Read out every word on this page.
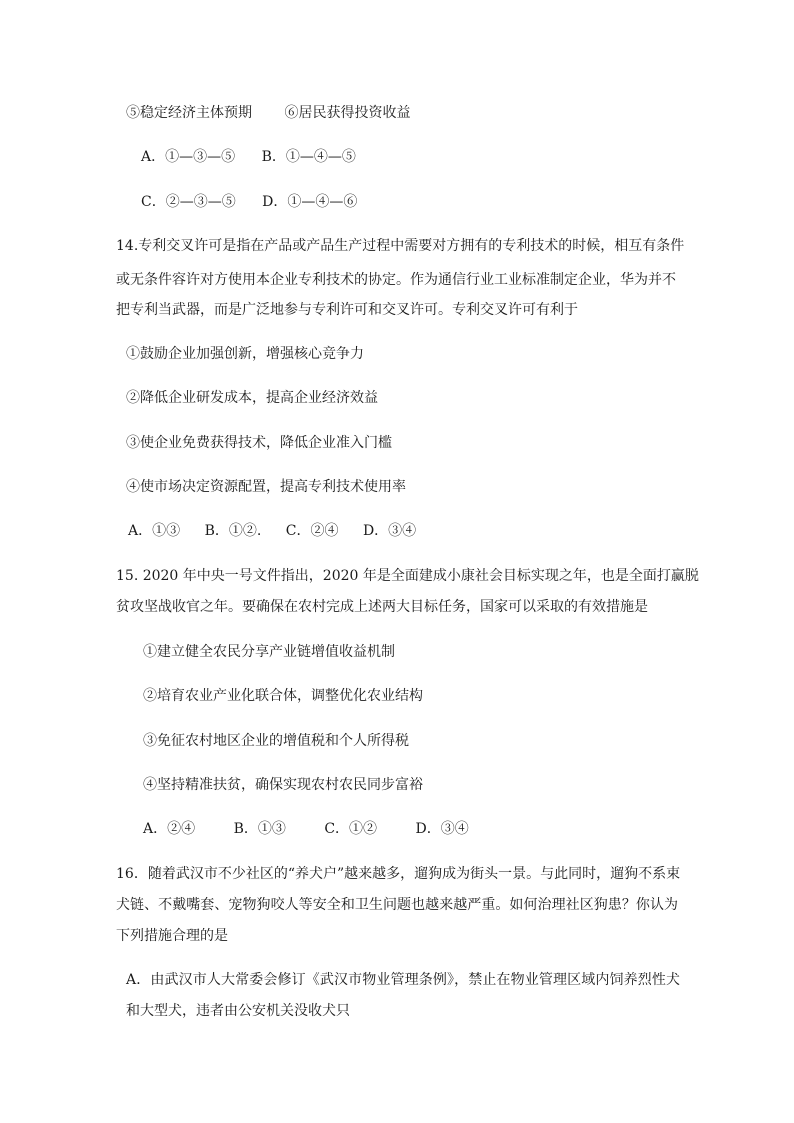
⑤稳定经济主体预期 ⑥居民获得投资收益
A．①—③—⑤ B．①—④—⑤
C．②—③—⑤ D．①—④—⑥
14.专利交叉许可是指在产品或产品生产过程中需要对方拥有的专利技术的时候，相互有条件
或无条件容许对方使用本企业专利技术的协定。作为通信行业工业标准制定企业，华为并不
把专利当武器，而是广泛地参与专利许可和交叉许可。专利交叉许可有利于
①鼓励企业加强创新，增强核心竞争力
②降低企业研发成本，提高企业经济效益
③使企业免费获得技术，降低企业准入门槛
④使市场决定资源配置，提高专利技术使用率
A．①③ B．①②. C．②④ D．③④
15. 2020 年中央一号文件指出，2020 年是全面建成小康社会目标实现之年，也是全面打赢脱
贫攻坚战收官之年。要确保在农村完成上述两大目标任务，国家可以采取的有效措施是
①建立健全农民分享产业链增值收益机制
②培育农业产业化联合体，调整优化农业结构
③免征农村地区企业的增值税和个人所得税
④坚持精准扶贫，确保实现农村农民同步富裕
A．②④	B．①③	C．①②	D．③④
16．随着武汉市不少社区的“养犬户”越来越多，遛狗成为街头一景。与此同时，遛狗不系束
犬链、不戴嘴套、宠物狗咬人等安全和卫生问题也越来越严重。如何治理社区狗患？你认为
下列措施合理的是
A．由武汉市人大常委会修订《武汉市物业管理条例》，禁止在物业管理区域内饲养烈性犬
和大型犬，违者由公安机关没收犬只
